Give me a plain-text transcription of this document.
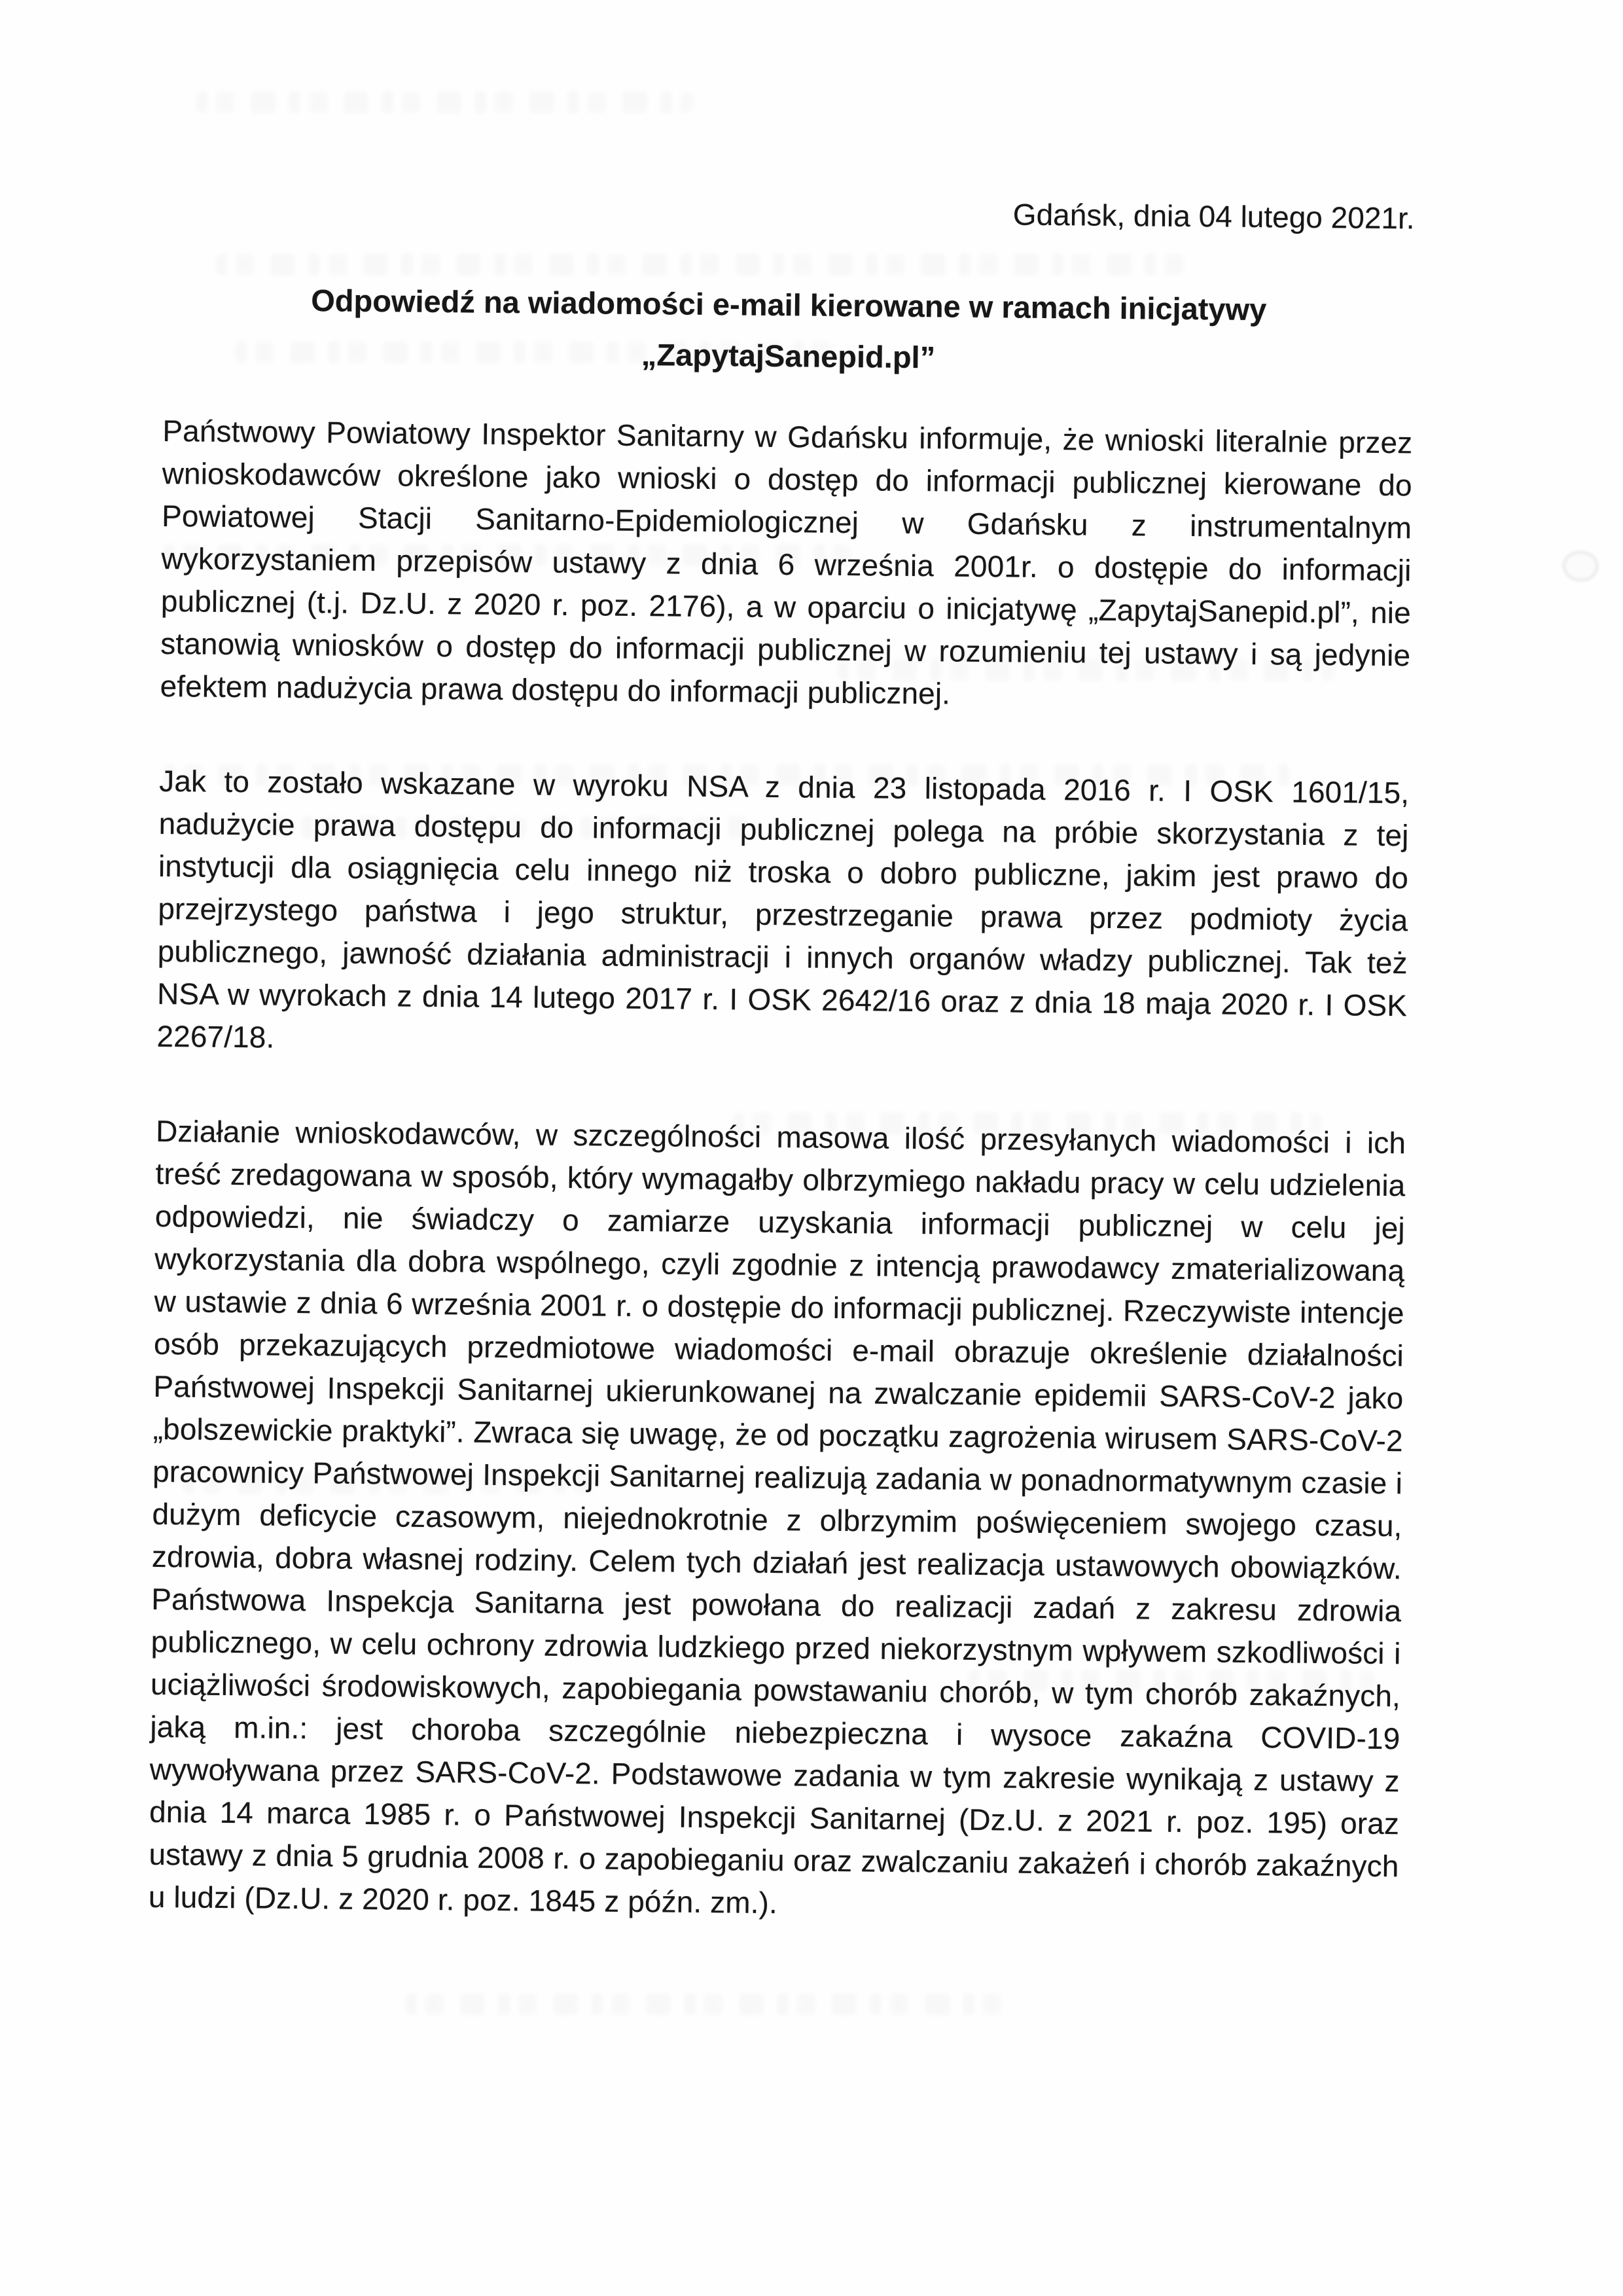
Gdańsk, dnia 04 lutego 2021r.
Odpowiedź na wiadomości e-mail kierowane w ramach inicjatywy
„ZapytajSanepid.pl”

Państwowy Powiatowy Inspektor Sanitarny w Gdańsku informuje, że wnioski literalnie przez wnioskodawców określone jako wnioski o dostęp do informacji publicznej kierowane do Powiatowej Stacji Sanitarno-Epidemiologicznej w Gdańsku z instrumentalnym wykorzystaniem przepisów ustawy z dnia 6 września 2001r. o dostępie do informacji publicznej (t.j. Dz.U. z 2020 r. poz. 2176), a w oparciu o inicjatywę „ZapytajSanepid.pl”, nie stanowią wniosków o dostęp do informacji publicznej w rozumieniu tej ustawy i są jedynie efektem nadużycia prawa dostępu do informacji publicznej.

Jak to zostało wskazane w wyroku NSA z dnia 23 listopada 2016 r. I OSK 1601/15, nadużycie prawa dostępu do informacji publicznej polega na próbie skorzystania z tej instytucji dla osiągnięcia celu innego niż troska o dobro publiczne, jakim jest prawo do przejrzystego państwa i jego struktur, przestrzeganie prawa przez podmioty życia publicznego, jawność działania administracji i innych organów władzy publicznej. Tak też NSA w wyrokach z dnia 14 lutego 2017 r. I OSK 2642/16 oraz z dnia 18 maja 2020 r. I OSK 2267/18.

Działanie wnioskodawców, w szczególności masowa ilość przesyłanych wiadomości i ich treść zredagowana w sposób, który wymagałby olbrzymiego nakładu pracy w celu udzielenia odpowiedzi, nie świadczy o zamiarze uzyskania informacji publicznej w celu jej wykorzystania dla dobra wspólnego, czyli zgodnie z intencją prawodawcy zmaterializowaną w ustawie z dnia 6 września 2001 r. o dostępie do informacji publicznej. Rzeczywiste intencje osób przekazujących przedmiotowe wiadomości e-mail obrazuje określenie działalności Państwowej Inspekcji Sanitarnej ukierunkowanej na zwalczanie epidemii SARS-CoV-2 jako „bolszewickie praktyki”. Zwraca się uwagę, że od początku zagrożenia wirusem SARS-CoV-2 pracownicy Państwowej Inspekcji Sanitarnej realizują zadania w ponadnormatywnym czasie i dużym deficycie czasowym, niejednokrotnie z olbrzymim poświęceniem swojego czasu, zdrowia, dobra własnej rodziny. Celem tych działań jest realizacja ustawowych obowiązków. Państwowa Inspekcja Sanitarna jest powołana do realizacji zadań z zakresu zdrowia publicznego, w celu ochrony zdrowia ludzkiego przed niekorzystnym wpływem szkodliwości i uciążliwości środowiskowych, zapobiegania powstawaniu chorób, w tym chorób zakaźnych, jaką m.in.: jest choroba szczególnie niebezpieczna i wysoce zakaźna COVID-19 wywoływana przez SARS-CoV-2. Podstawowe zadania w tym zakresie wynikają z ustawy z dnia 14 marca 1985 r. o Państwowej Inspekcji Sanitarnej (Dz.U. z 2021 r. poz. 195) oraz ustawy z dnia 5 grudnia 2008 r. o zapobieganiu oraz zwalczaniu zakażeń i chorób zakaźnych u ludzi (Dz.U. z 2020 r. poz. 1845 z późn. zm.).
